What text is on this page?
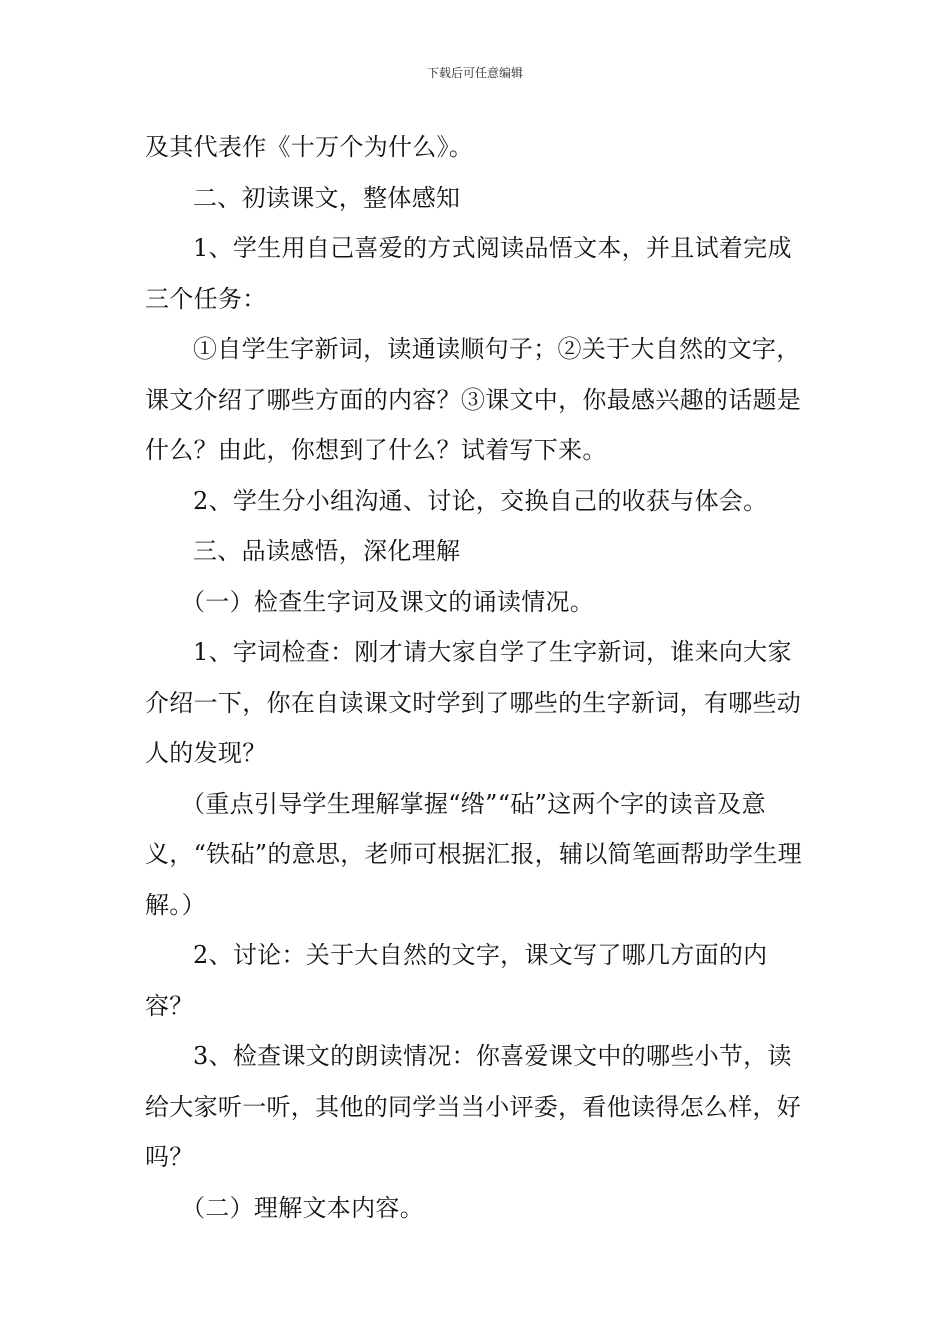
下载后可任意编辑

及其代表作《十万个为什么》。

二、初读课文，整体感知

1、学生用自己喜爱的方式阅读品悟文本，并且试着完成三个任务：

①自学生字新词，读通读顺句子；②关于大自然的文字，课文介绍了哪些方面的内容？③课文中，你最感兴趣的话题是什么？由此，你想到了什么？试着写下来。

2、学生分小组沟通、讨论，交换自己的收获与体会。

三、品读感悟，深化理解

（一）检查生字词及课文的诵读情况。

1、字词检查：刚才请大家自学了生字新词，谁来向大家介绍一下，你在自读课文时学到了哪些的生字新词，有哪些动人的发现？

（重点引导学生理解掌握“绺”“砧”这两个字的读音及意义，“铁砧”的意思，老师可根据汇报，辅以简笔画帮助学生理解。）

2、讨论：关于大自然的文字，课文写了哪几方面的内容？

3、检查课文的朗读情况：你喜爱课文中的哪些小节，读给大家听一听，其他的同学当当小评委，看他读得怎么样，好吗？

（二）理解文本内容。
